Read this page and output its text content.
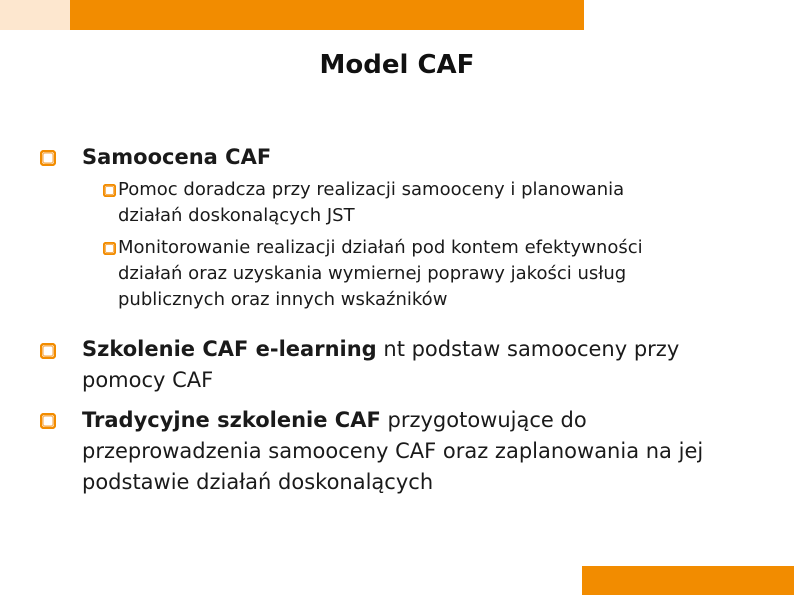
Model CAF
Samoocena CAF
Pomoc doradcza przy realizacji samooceny i planowania
działań doskonalących JST
Monitorowanie realizacji działań pod kontem efektywności
działań oraz uzyskania wymiernej poprawy jakości usług
publicznych oraz innych wskaźników
Szkolenie CAF e-learning nt podstaw samooceny przy
pomocy CAF
Tradycyjne szkolenie CAF przygotowujące do
przeprowadzenia samooceny CAF oraz zaplanowania na jej
podstawie działań doskonalących
